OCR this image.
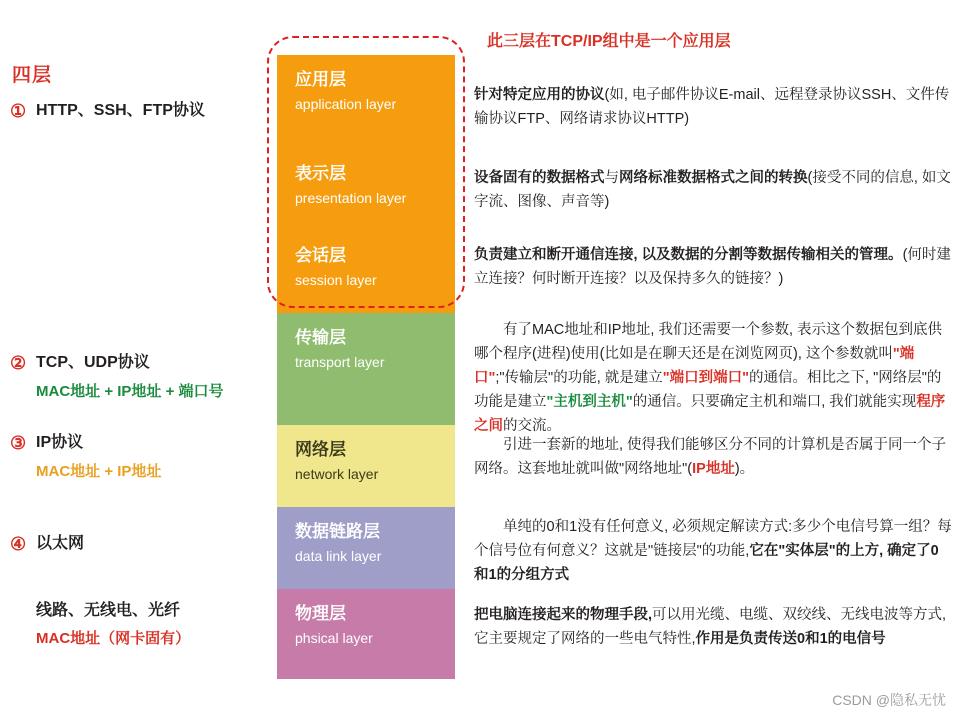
四层
① HTTP、SSH、FTP协议
② TCP、UDP协议
MAC地址 + IP地址 + 端口号
③ IP协议
MAC地址 + IP地址
④ 以太网
线路、无线电、光纤
MAC地址（网卡固有）
应用层
application layer
表示层
presentation layer
会话层
session layer
传输层
transport layer
网络层
network layer
数据链路层
data link layer
物理层
phsical layer
此三层在TCP/IP组中是一个应用层
针对特定应用的协议(如, 电子邮件协议E-mail、远程登录协议SSH、文件传输协议FTP、网络请求协议HTTP)
设备固有的数据格式与网络标准数据格式之间的转换(接受不同的信息, 如文字流、图像、声音等)
负责建立和断开通信连接, 以及数据的分割等数据传输相关的管理。(何时建立连接？何时断开连接？以及保持多久的链接？)
有了MAC地址和IP地址, 我们还需要一个参数, 表示这个数据包到底供哪个程序(进程)使用(比如是在聊天还是在浏览网页), 这个参数就叫"端口";"传输层"的功能, 就是建立"端口到端口"的通信。相比之下, "网络层"的功能是建立"主机到主机"的通信。只要确定主机和端口, 我们就能实现程序之间的交流。
引进一套新的地址, 使得我们能够区分不同的计算机是否属于同一个子网络。这套地址就叫做"网络地址"(IP地址)。
单纯的0和1没有任何意义, 必须规定解读方式:多少个电信号算一组？每个信号位有何意义？这就是"链接层"的功能,它在"实体层"的上方, 确定了0和1的分组方式
把电脑连接起来的物理手段,可以用光缆、电缆、双绞线、无线电波等方式, 它主要规定了网络的一些电气特性,作用是负责传送0和1的电信号
CSDN @隐私无忧
